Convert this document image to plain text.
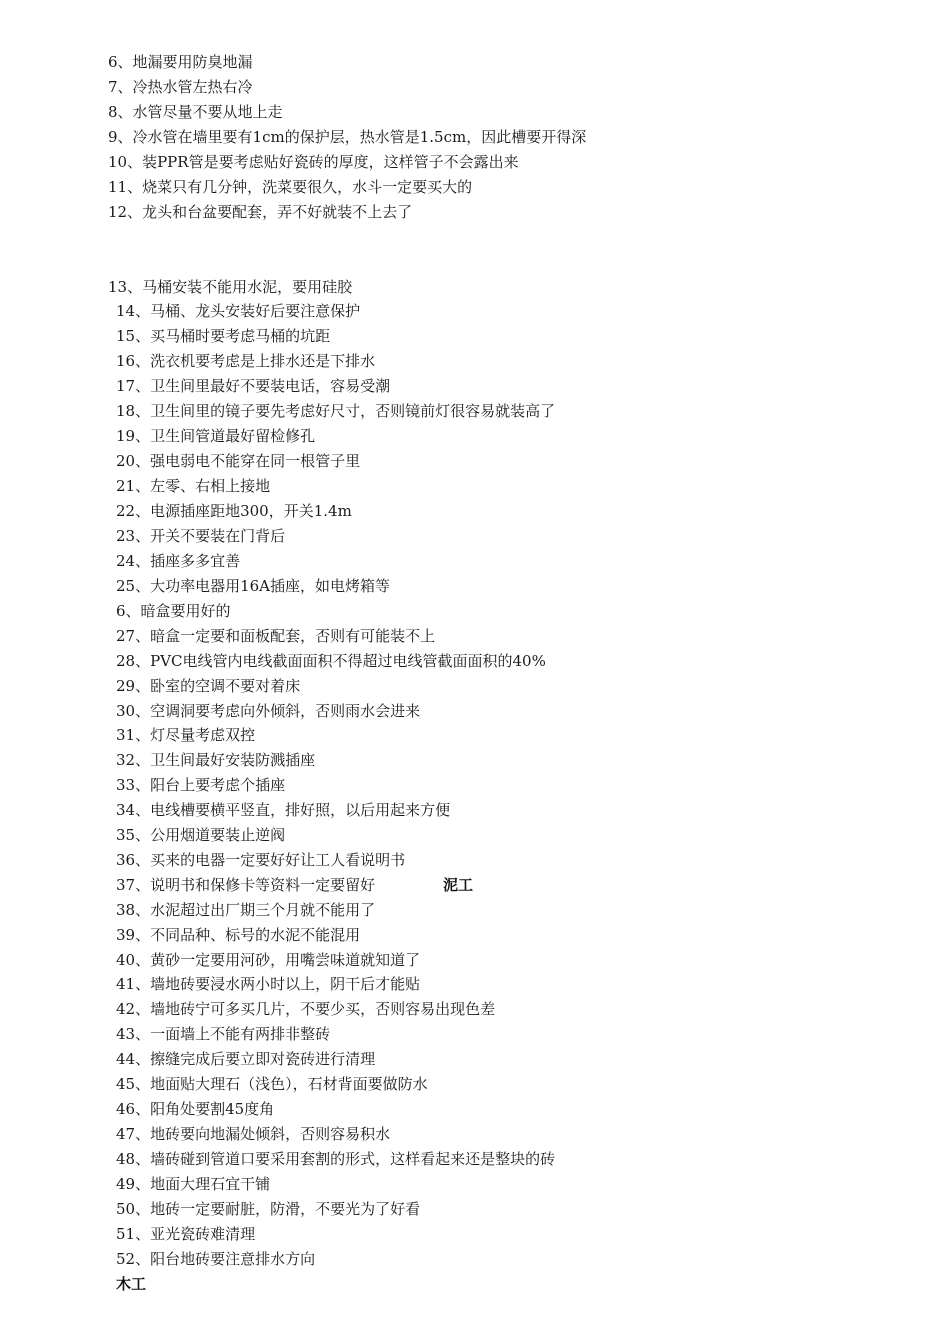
6、地漏要用防臭地漏
7、冷热水管左热右冷
8、水管尽量不要从地上走
9、冷水管在墙里要有1cm的保护层，热水管是1.5cm，因此槽要开得深
10、装PPR管是要考虑贴好瓷砖的厚度，这样管子不会露出来
11、烧菜只有几分钟，洗菜要很久，水斗一定要买大的
12、龙头和台盆要配套，弄不好就装不上去了
13、马桶安装不能用水泥，要用硅胶
14、马桶、龙头安装好后要注意保护
15、买马桶时要考虑马桶的坑距
16、洗衣机要考虑是上排水还是下排水
17、卫生间里最好不要装电话，容易受潮
18、卫生间里的镜子要先考虑好尺寸，否则镜前灯很容易就装高了
19、卫生间管道最好留检修孔
20、强电弱电不能穿在同一根管子里
21、左零、右相上接地
22、电源插座距地300，开关1.4m
23、开关不要装在门背后
24、插座多多宜善
25、大功率电器用16A插座，如电烤箱等
6、暗盒要用好的
27、暗盒一定要和面板配套，否则有可能装不上
28、PVC电线管内电线截面面积不得超过电线管截面面积的40%
29、卧室的空调不要对着床
30、空调洞要考虑向外倾斜，否则雨水会进来
31、灯尽量考虑双控
32、卫生间最好安装防溅插座
33、阳台上要考虑个插座
34、电线槽要横平竖直，排好照，以后用起来方便
35、公用烟道要装止逆阀
36、买来的电器一定要好好让工人看说明书
37、说明书和保修卡等资料一定要留好	泥工
38、水泥超过出厂期三个月就不能用了
39、不同品种、标号的水泥不能混用
40、黄砂一定要用河砂，用嘴尝味道就知道了
41、墙地砖要浸水两小时以上，阴干后才能贴
42、墙地砖宁可多买几片，不要少买，否则容易出现色差
43、一面墙上不能有两排非整砖
44、擦缝完成后要立即对瓷砖进行清理
45、地面贴大理石（浅色），石材背面要做防水
46、阳角处要割45度角
47、地砖要向地漏处倾斜，否则容易积水
48、墙砖碰到管道口要采用套割的形式，这样看起来还是整块的砖
49、地面大理石宜干铺
50、地砖一定要耐脏，防滑，不要光为了好看
51、亚光瓷砖难清理
52、阳台地砖要注意排水方向
木工
